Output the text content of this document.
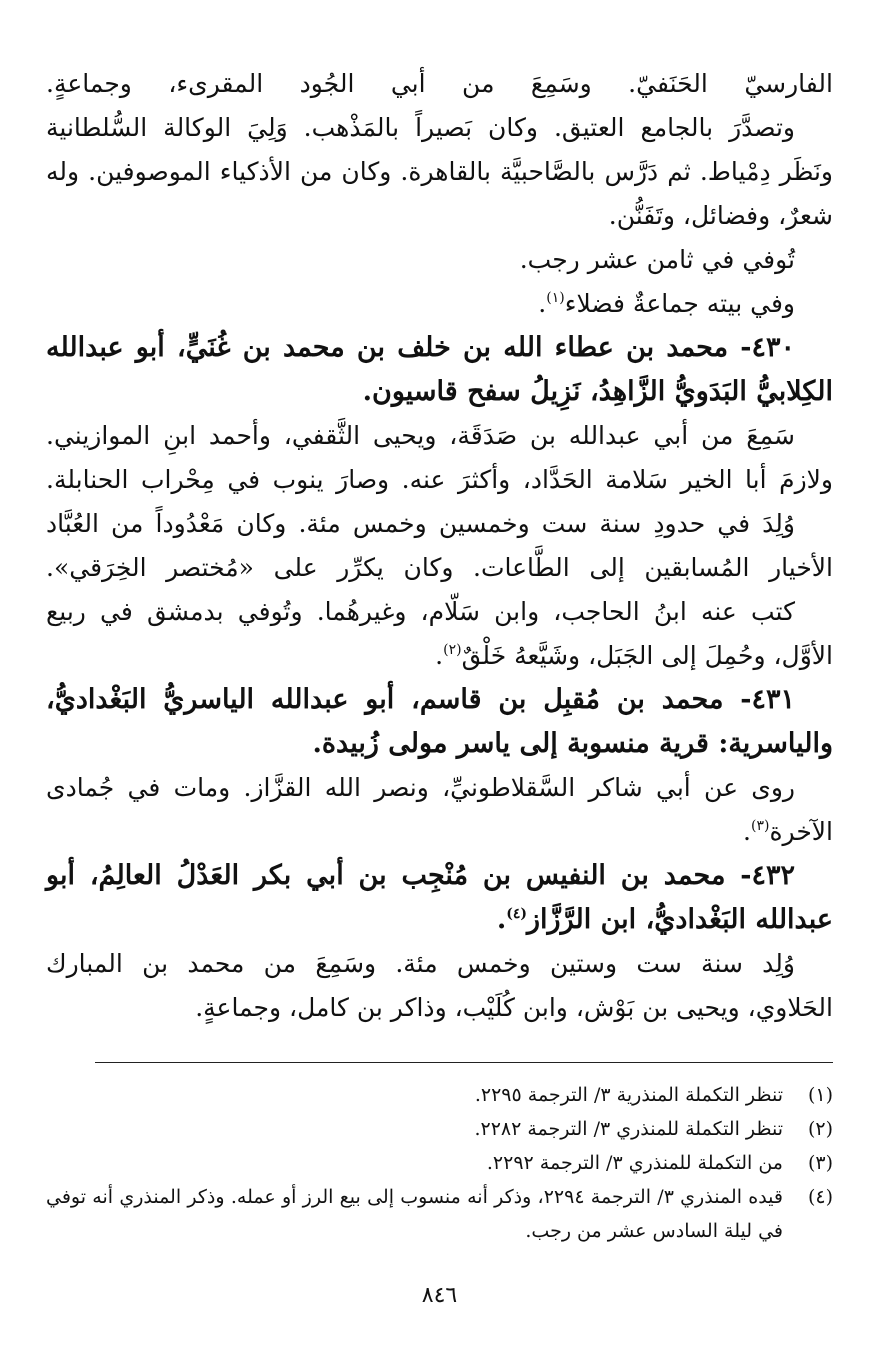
الفارسيّ الحَنَفيّ. وسَمِعَ من أبي الجُود المقرىء، وجماعةٍ.

وتصدَّرَ بالجامع العتيق. وكان بَصيراً بالمَذْهب. وَلِيَ الوكالة السُّلطانية

ونَظَر دِمْياط. ثم دَرَّس بالصَّاحبيَّة بالقاهرة. وكان من الأذكياء الموصوفين. وله

شعرٌ، وفضائل، وتَفَنُّن.

تُوفي في ثامن عشر رجب.

وفي بيته جماعةٌ فضلاء$^{(١)}$.

٤٣٠- محمد بن عطاء الله بن خلف بن محمد بن غُنَيٍّ، أبو عبدالله

الكِلابيُّ البَدَويُّ الزَّاهِدُ، نَزِيلُ سفح قاسيون.

سَمِعَ من أبي عبدالله بن صَدَقَة، ويحيى الثَّقفي، وأحمد ابنِ الموازيني.

ولازمَ أبا الخير سَلامة الحَدَّاد، وأكثرَ عنه. وصارَ ينوب في مِحْراب الحنابلة.

وُلِدَ في حدودِ سنة ست وخمسين وخمس مئة. وكان مَعْدُوداً من العُبَّاد

الأخيار المُسابقين إلى الطَّاعات. وكان يكرِّر على «مُختصر الخِرَقي».

كتب عنه ابنُ الحاجب، وابن سَلّام، وغيرهُما. وتُوفي بدمشق في ربيع

الأوَّل، وحُمِلَ إلى الجَبَل، وشَيَّعهُ خَلْقٌ$^{(٢)}$.

٤٣١- محمد بن مُقبِل بن قاسم، أبو عبدالله الياسريُّ البَغْداديُّ،

والياسرية: قرية منسوبة إلى ياسر مولى زُبيدة.

روى عن أبي شاكر السَّقلاطونيِّ، ونصر الله القزَّاز. ومات في جُمادى

الآخرة$^{(٣)}$.

٤٣٢- محمد بن النفيس بن مُنْجِب بن أبي بكر العَدْلُ العالِمُ، أبو

عبدالله البَغْداديُّ، ابن الرَّزَّاز$^{(٤)}$.

وُلِد سنة ست وستين وخمس مئة. وسَمِعَ من محمد بن المبارك

الحَلاوي، ويحيى بن بَوْش، وابن كُلَيْب، وذاكر بن كامل، وجماعةٍ.

(١)
تنظر التكملة المنذرية ٣/ الترجمة ٢٢٩٥.
(٢)
تنظر التكملة للمنذري ٣/ الترجمة ٢٢٨٢.
(٣)
من التكملة للمنذري ٣/ الترجمة ٢٢٩٢.
(٤)
قيده المنذري ٣/ الترجمة ٢٢٩٤، وذكر أنه منسوب إلى بيع الرز أو عمله. وذكر المنذري أنه توفي في ليلة السادس عشر من رجب.
٨٤٦
